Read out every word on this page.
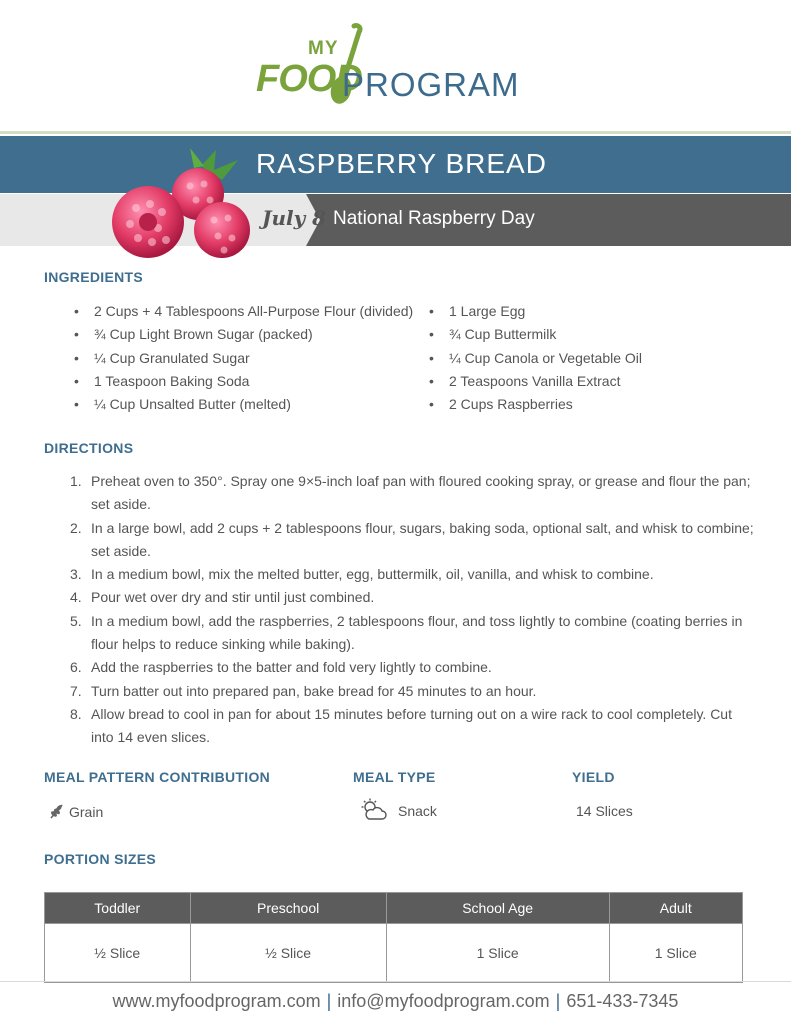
MY
FOOD
PROGRAM
RASPBERRY BREAD
July 8 National Raspberry Day
INGREDIENTS
• 2 Cups + 4 Tablespoons All-Purpose Flour (divided)
• ¾ Cup Light Brown Sugar (packed)
• ¼ Cup Granulated Sugar
• 1 Teaspoon Baking Soda
• ¼ Cup Unsalted Butter (melted)
• 1 Large Egg
• ¾ Cup Buttermilk
• ¼ Cup Canola or Vegetable Oil
• 2 Teaspoons Vanilla Extract
• 2 Cups Raspberries
DIRECTIONS
1. Preheat oven to 350°. Spray one 9×5-inch loaf pan with floured cooking spray, or grease and flour the pan; set aside.
2. In a large bowl, add 2 cups + 2 tablespoons flour, sugars, baking soda, optional salt, and whisk to combine; set aside.
3. In a medium bowl, mix the melted butter, egg, buttermilk, oil, vanilla, and whisk to combine.
4. Pour wet over dry and stir until just combined.
5. In a medium bowl, add the raspberries, 2 tablespoons flour, and toss lightly to combine (coating berries in flour helps to reduce sinking while baking).
6. Add the raspberries to the batter and fold very lightly to combine.
7. Turn batter out into prepared pan, bake bread for 45 minutes to an hour.
8. Allow bread to cool in pan for about 15 minutes before turning out on a wire rack to cool completely. Cut into 14 even slices.
MEAL PATTERN CONTRIBUTION	MEAL TYPE	YIELD
Grain	Snack	14 Slices
PORTION SIZES
Toddler	Preschool	School Age	Adult
½ Slice	½ Slice	1 Slice	1 Slice
www.myfoodprogram.com | info@myfoodprogram.com | 651-433-7345
